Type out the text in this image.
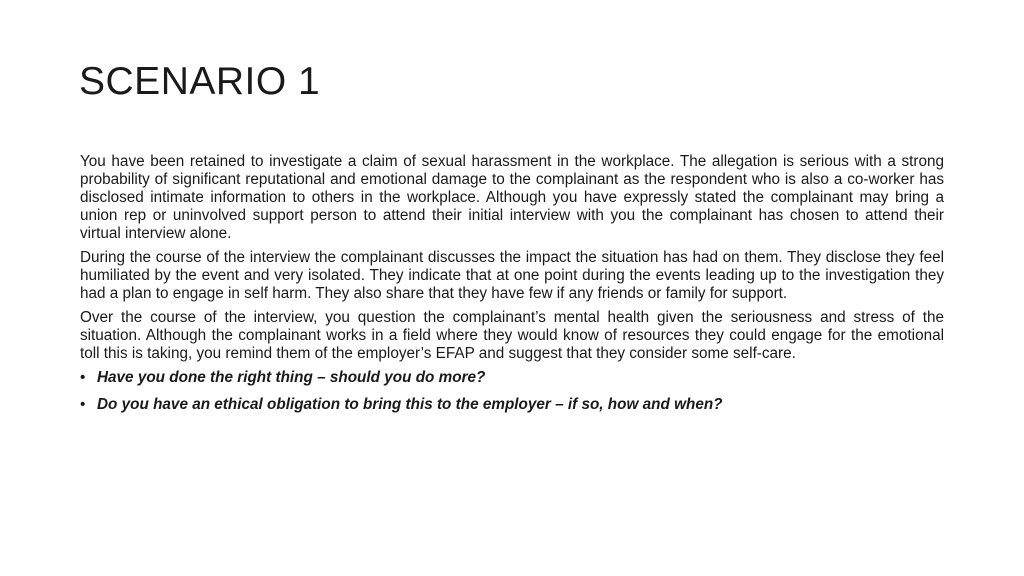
SCENARIO 1

You have been retained to investigate a claim of sexual harassment in the workplace. The allegation is serious with a strong probability of significant reputational and emotional damage to the complainant as the respondent who is also a co-worker has disclosed intimate information to others in the workplace. Although you have expressly stated the complainant may bring a union rep or uninvolved support person to attend their initial interview with you the complainant has chosen to attend their virtual interview alone.

During the course of the interview the complainant discusses the impact the situation has had on them. They disclose they feel humiliated by the event and very isolated. They indicate that at one point during the events leading up to the investigation they had a plan to engage in self harm. They also share that they have few if any friends or family for support.

Over the course of the interview, you question the complainant’s mental health given the seriousness and stress of the situation. Although the complainant works in a field where they would know of resources they could engage for the emotional toll this is taking, you remind them of the employer’s EFAP and suggest that they consider some self-care.

• Have you done the right thing – should you do more?
• Do you have an ethical obligation to bring this to the employer – if so, how and when?
